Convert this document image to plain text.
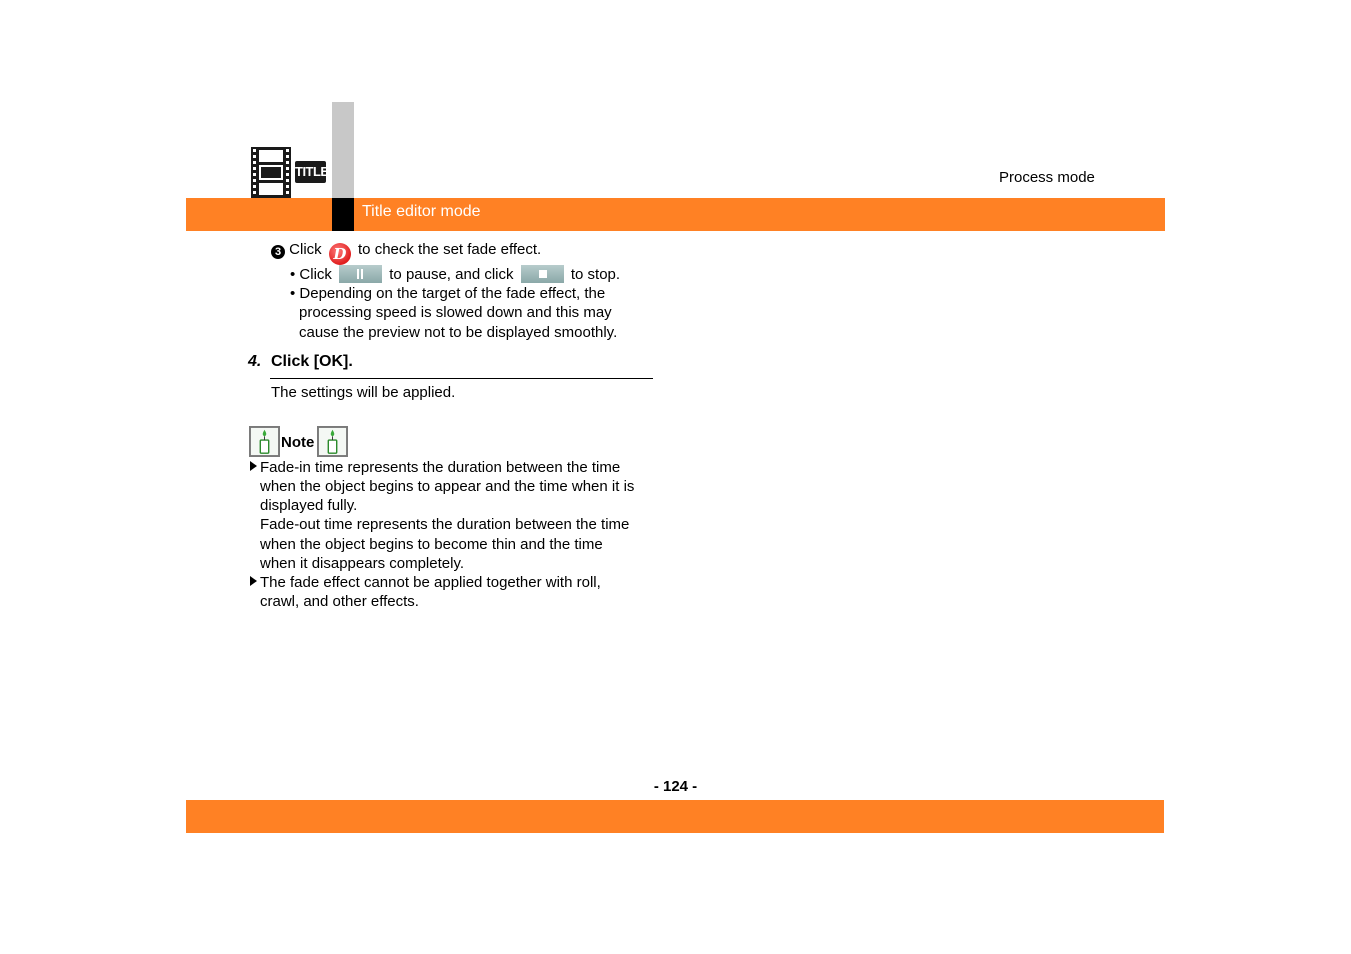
Title editor mode
Process mode
TITLE
3 Click D to check the set fade effect.
• Click	to pause, and click	to stop.
• Depending on the target of the fade effect, the
processing speed is slowed down and this may
cause the preview not to be displayed smoothly.
4. Click [OK].
The settings will be applied.
Note
Fade-in time represents the duration between the time
when the object begins to appear and the time when it is
displayed fully.
Fade-out time represents the duration between the time
when the object begins to become thin and the time
when it disappears completely.
The fade effect cannot be applied together with roll,
crawl, and other effects.
- 124 -
